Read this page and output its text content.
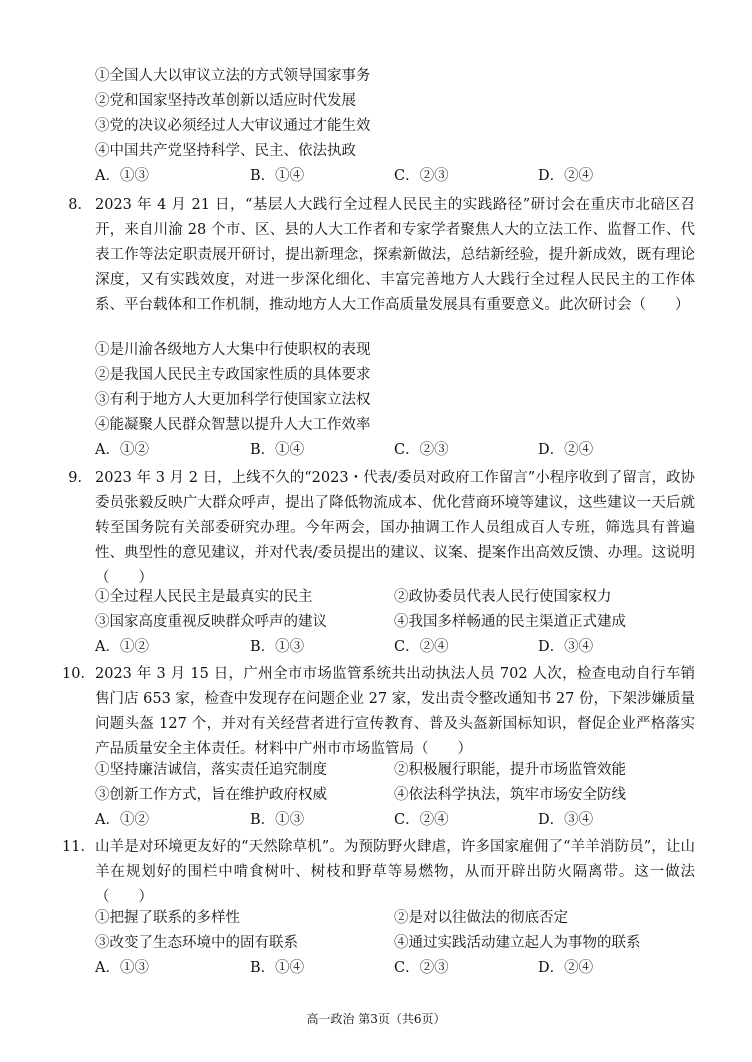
①全国人大以审议立法的方式领导国家事务
②党和国家坚持改革创新以适应时代发展
③党的决议必须经过人大审议通过才能生效
④中国共产党坚持科学、民主、依法执政
A．①③	B．①④	C．②③	D．②④
8． 2023 年 4 月 21 日，“基层人大践行全过程人民民主的实践路径”研讨会在重庆市北碚区召开，来自川渝 28 个市、区、县的人大工作者和专家学者聚焦人大的立法工作、监督工作、代表工作等法定职责展开研讨，提出新理念，探索新做法，总结新经验，提升新成效，既有理论深度，又有实践效度，对进一步深化细化、丰富完善地方人大践行全过程人民民主的工作体系、平台载体和工作机制，推动地方人大工作高质量发展具有重要意义。此次研讨会（　　）
①是川渝各级地方人大集中行使职权的表现
②是我国人民民主专政国家性质的具体要求
③有利于地方人大更加科学行使国家立法权
④能凝聚人民群众智慧以提升人大工作效率
A．①②	B．①④	C．②③	D．②④
9． 2023 年 3 月 2 日，上线不久的“2023・代表/委员对政府工作留言”小程序收到了留言，政协委员张毅反映广大群众呼声，提出了降低物流成本、优化营商环境等建议，这些建议一天后就转至国务院有关部委研究办理。今年两会，国办抽调工作人员组成百人专班，筛选具有普遍性、典型性的意见建议，并对代表/委员提出的建议、议案、提案作出高效反馈、办理。这说明（　　）
①全过程人民民主是最真实的民主	②政协委员代表人民行使国家权力
③国家高度重视反映群众呼声的建议	④我国多样畅通的民主渠道正式建成
A．①②	B．①③	C．②④	D．③④
10． 2023 年 3 月 15 日，广州全市市场监管系统共出动执法人员 702 人次，检查电动自行车销售门店 653 家，检查中发现存在问题企业 27 家，发出责令整改通知书 27 份，下架涉嫌质量问题头盔 127 个，并对有关经营者进行宣传教育、普及头盔新国标知识，督促企业严格落实产品质量安全主体责任。材料中广州市市场监管局（　　）
①坚持廉洁诚信，落实责任追究制度	②积极履行职能，提升市场监管效能
③创新工作方式，旨在维护政府权威	④依法科学执法，筑牢市场安全防线
A．①②	B．①③	C．②④	D．③④
11． 山羊是对环境更友好的“天然除草机”。为预防野火肆虐，许多国家雇佣了“羊羊消防员”，让山羊在规划好的围栏中啃食树叶、树枝和野草等易燃物，从而开辟出防火隔离带。这一做法（　　）
①把握了联系的多样性	②是对以往做法的彻底否定
③改变了生态环境中的固有联系	④通过实践活动建立起人为事物的联系
A．①③	B．①④	C．②③	D．②④
高一政治 第3页（共6页）
